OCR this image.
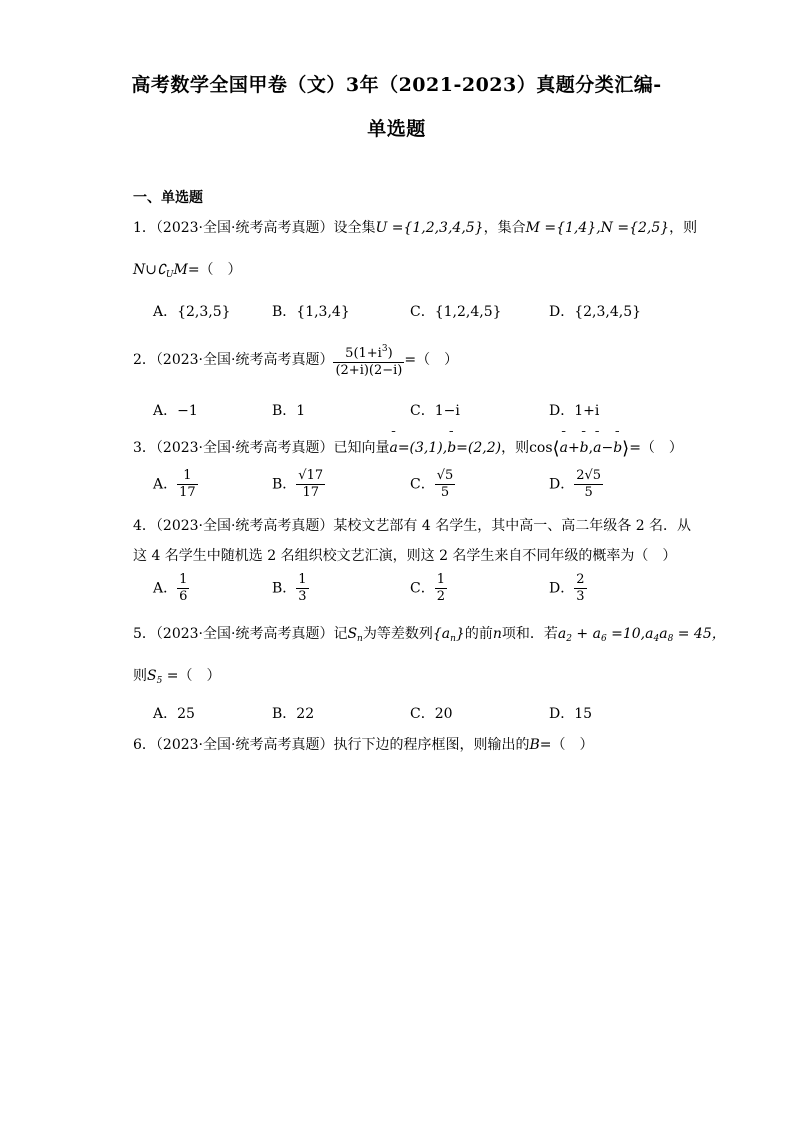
高考数学全国甲卷（文）3年（2021-2023）真题分类汇编-
单选题
一、单选题
1．（2023·全国·统考高考真题）设全集U ={1,2,3,4,5}，集合M ={1,4},N ={2,5}，则
$N\cup∁_UM=$（　）
A．{2,3,5}	B．{1,3,4}	C．{1,2,4,5}	D．{2,3,4,5}
2．（2023·全国·统考高考真题） $\frac{5(1+i^3)}{(2+i)(2-i)}$ =（　）
A．−1	B．1	C．1−i	D．1+i
3．（2023·全国·统考高考真题）已知向量¯ a=(3,1),¯ b=(2,2)，则cos⟨¯ a+¯ b,¯ a−¯ b⟩=（　）
A． $\frac{1}{17}$	B． $\frac{√17}{17}$	C． $\frac{√5}{5}$	D． $\frac{2√5}{5}$
4．（2023·全国·统考高考真题）某校文艺部有 4 名学生，其中高一、高二年级各 2 名．从
这 4 名学生中随机选 2 名组织校文艺汇演，则这 2 名学生来自不同年级的概率为（　）
A． $\frac{1}{6}$	B． $\frac{1}{3}$	C． $\frac{1}{2}$	D． $\frac{2}{3}$
5．（2023·全国·统考高考真题）记$S_n$为等差数列$\{a_n\}$的前n项和．若$a_2 + a_6 =10,a_4a_8 = 45$，
则$S_5$ =（　）
A．25	B．22	C．20	D．15
6．（2023·全国·统考高考真题）执行下边的程序框图，则输出的B=（　）
